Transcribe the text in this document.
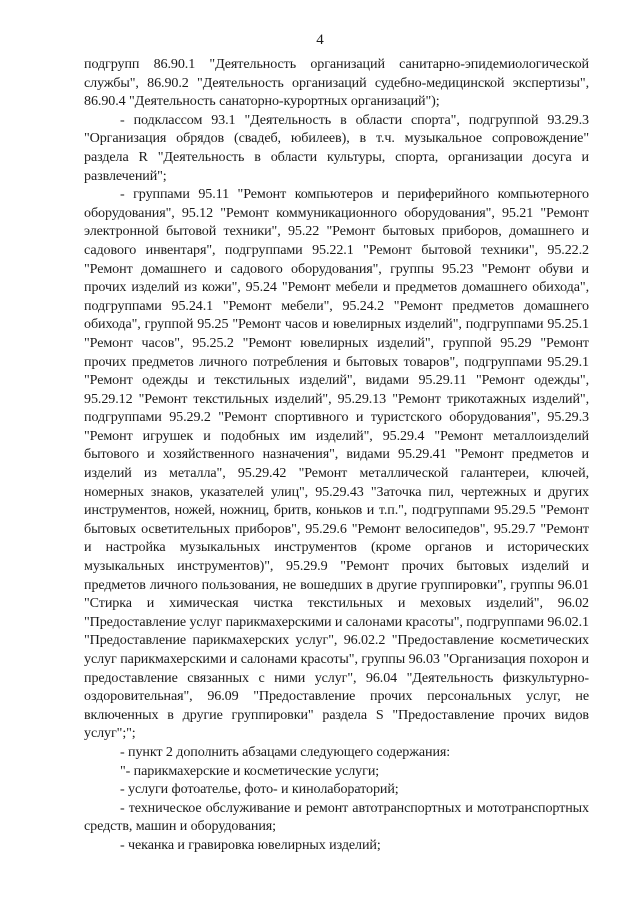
4

подгрупп 86.90.1 "Деятельность организаций санитарно-эпидемиологической службы", 86.90.2 "Деятельность организаций судебно-медицинской экспертизы", 86.90.4 "Деятельность санаторно-курортных организаций");

- подклассом 93.1 "Деятельность в области спорта", подгруппой 93.29.3 "Организация обрядов (свадеб, юбилеев), в т.ч. музыкальное сопровождение" раздела R "Деятельность в области культуры, спорта, организации досуга и развлечений";

- группами 95.11 "Ремонт компьютеров и периферийного компьютерного оборудования", 95.12 "Ремонт коммуникационного оборудования", 95.21 "Ремонт электронной бытовой техники", 95.22 "Ремонт бытовых приборов, домашнего и садового инвентаря", подгруппами 95.22.1 "Ремонт бытовой техники", 95.22.2 "Ремонт домашнего и садового оборудования", группы 95.23 "Ремонт обуви и прочих изделий из кожи", 95.24 "Ремонт мебели и предметов домашнего обихода", подгруппами 95.24.1 "Ремонт мебели", 95.24.2 "Ремонт предметов домашнего обихода", группой 95.25 "Ремонт часов и ювелирных изделий", подгруппами 95.25.1 "Ремонт часов", 95.25.2 "Ремонт ювелирных изделий", группой 95.29 "Ремонт прочих предметов личного потребления и бытовых товаров", подгруппами 95.29.1 "Ремонт одежды и текстильных изделий", видами 95.29.11 "Ремонт одежды", 95.29.12 "Ремонт текстильных изделий", 95.29.13 "Ремонт трикотажных изделий", подгруппами 95.29.2 "Ремонт спортивного и туристского оборудования", 95.29.3 "Ремонт игрушек и подобных им изделий", 95.29.4 "Ремонт металлоизделий бытового и хозяйственного назначения", видами 95.29.41 "Ремонт предметов и изделий из металла", 95.29.42 "Ремонт металлической галантереи, ключей, номерных знаков, указателей улиц", 95.29.43 "Заточка пил, чертежных и других инструментов, ножей, ножниц, бритв, коньков и т.п.", подгруппами 95.29.5 "Ремонт бытовых осветительных приборов", 95.29.6 "Ремонт велосипедов", 95.29.7 "Ремонт и настройка музыкальных инструментов (кроме органов и исторических музыкальных инструментов)", 95.29.9 "Ремонт прочих бытовых изделий и предметов личного пользования, не вошедших в другие группировки", группы 96.01 "Стирка и химическая чистка текстильных и меховых изделий", 96.02 "Предоставление услуг парикмахерскими и салонами красоты", подгруппами 96.02.1 "Предоставление парикмахерских услуг", 96.02.2 "Предоставление косметических услуг парикмахерскими и салонами красоты", группы 96.03 "Организация похорон и предоставление связанных с ними услуг", 96.04 "Деятельность физкультурно-оздоровительная", 96.09 "Предоставление прочих персональных услуг, не включенных в другие группировки" раздела S "Предоставление прочих видов услуг";";

- пункт 2 дополнить абзацами следующего содержания:

"- парикмахерские и косметические услуги;

- услуги фотоателье, фото- и кинолабораторий;

- техническое обслуживание и ремонт автотранспортных и мототранспортных средств, машин и оборудования;

- чеканка и гравировка ювелирных изделий;
